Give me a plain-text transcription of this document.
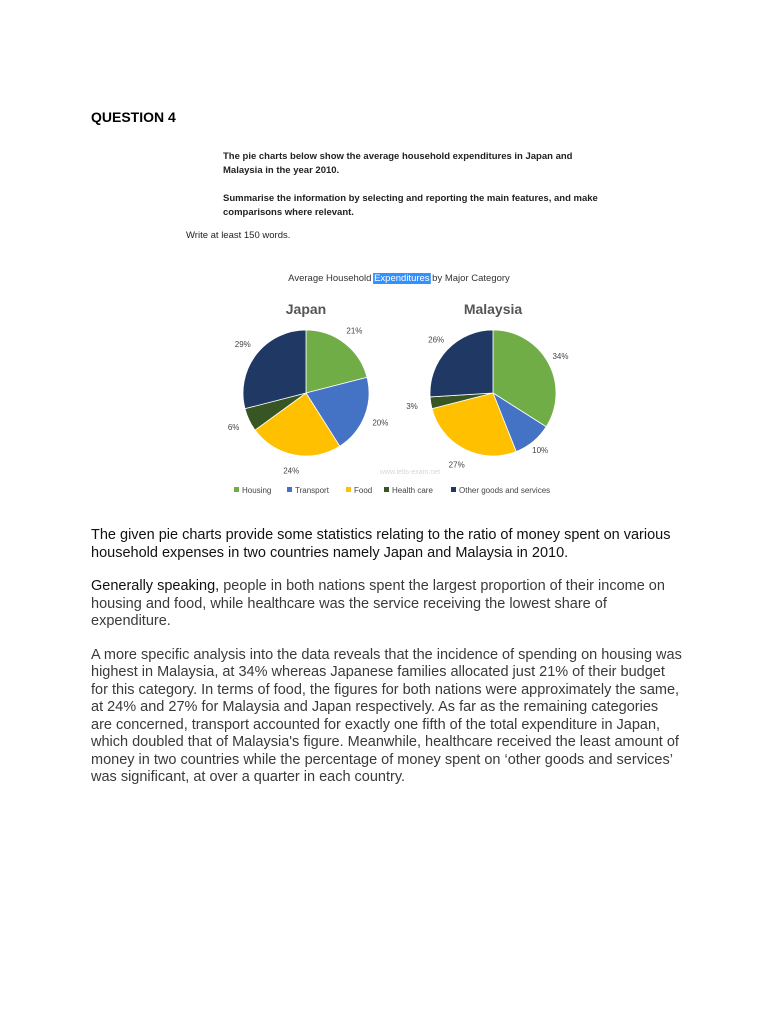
QUESTION 4
The pie charts below show the average household expenditures in Japan and Malaysia in the year 2010.
Summarise the information by selecting and reporting the main features, and make comparisons where relevant.
Write at least 150 words.
Average Household Expenditures by Major Category
Japan
21%
20%
24%
6%
29%
Malaysia
34%
10%
27%
3%
26%
www.ielts-exam.net
Housing	Transport	Food Health care	Other goods and services

The given pie charts provide some statistics relating to the ratio of money spent on various household expenses in two countries namely Japan and Malaysia in 2010.

Generally speaking, people in both nations spent the largest proportion of their income on housing and food, while healthcare was the service receiving the lowest share of expenditure.

A more specific analysis into the data reveals that the incidence of spending on housing was highest in Malaysia, at 34% whereas Japanese families allocated just 21% of their budget for this category. In terms of food, the figures for both nations were approximately the same, at 24% and 27% for Malaysia and Japan respectively. As far as the remaining categories are concerned, transport accounted for exactly one fifth of the total expenditure in Japan, which doubled that of Malaysia's figure. Meanwhile, healthcare received the least amount of money in two countries while the percentage of money spent on ‘other goods and services’ was significant, at over a quarter in each country.
